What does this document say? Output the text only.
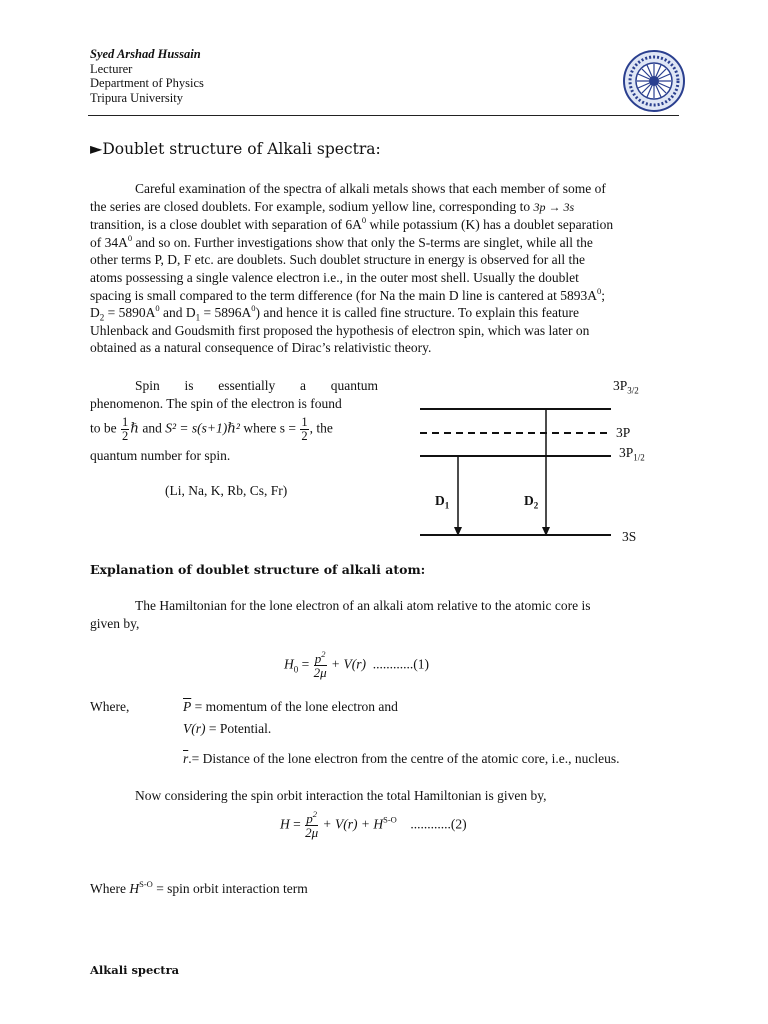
Syed Arshad Hussain
Lecturer
Department of Physics
Tripura University
►Doublet structure of Alkali spectra:
Careful examination of the spectra of alkali metals shows that each member of some of
the series are closed doublets. For example, sodium yellow line, corresponding to 3p → 3s
transition, is a close doublet with separation of $6A^0$ while potassium (K) has a doublet separation
of $34A^0$ and so on. Further investigations show that only the S-terms are singlet, while all the
other terms P, D, F etc. are doublets. Such doublet structure in energy is observed for all the
atoms possessing a single valence electron i.e., in the outer most shell. Usually the doublet
spacing is small compared to the term difference (for Na the main D line is cantered at $5893A^0$;
$D_2 = 5890A^0$ and $D_1 = 5896A^0$) and hence it is called fine structure. To explain this feature
Uhlenback and Goudsmith first proposed the hypothesis of electron spin, which was later on
obtained as a natural consequence of Dirac’s relativistic theory.
Spin is essentially a quantum
phenomenon. The spin of the electron is found
to be $\frac{1}{2}$ ℏ and S² = s(s+1)ℏ² where $s = \frac{1}{2}$ , the
quantum number for spin.
(Li, Na, K, Rb, Cs, Fr)
$3P_{3/2}$
3P
$3P_{1/2}$
3S
$D_1$	$D_2$
Explanation of doublet structure of alkali atom:
The Hamiltonian for the lone electron of an alkali atom relative to the atomic core is
given by,
$H_0 = \frac{p^2}{2\mu} + V(r)$ ............(1)
Where,	$\overline{P}$ = momentum of the lone electron and
V(r) = Potential.
$\overline{r}.=$ Distance of the lone electron from the centre of the atomic core, i.e., nucleus.
Now considering the spin orbit interaction the total Hamiltonian is given by,
$H = \frac{p^2}{2\mu} + V(r) + H^{S-O}$ ............(2)
Where $H^{S-O}$ = spin orbit interaction term
Alkali spectra
